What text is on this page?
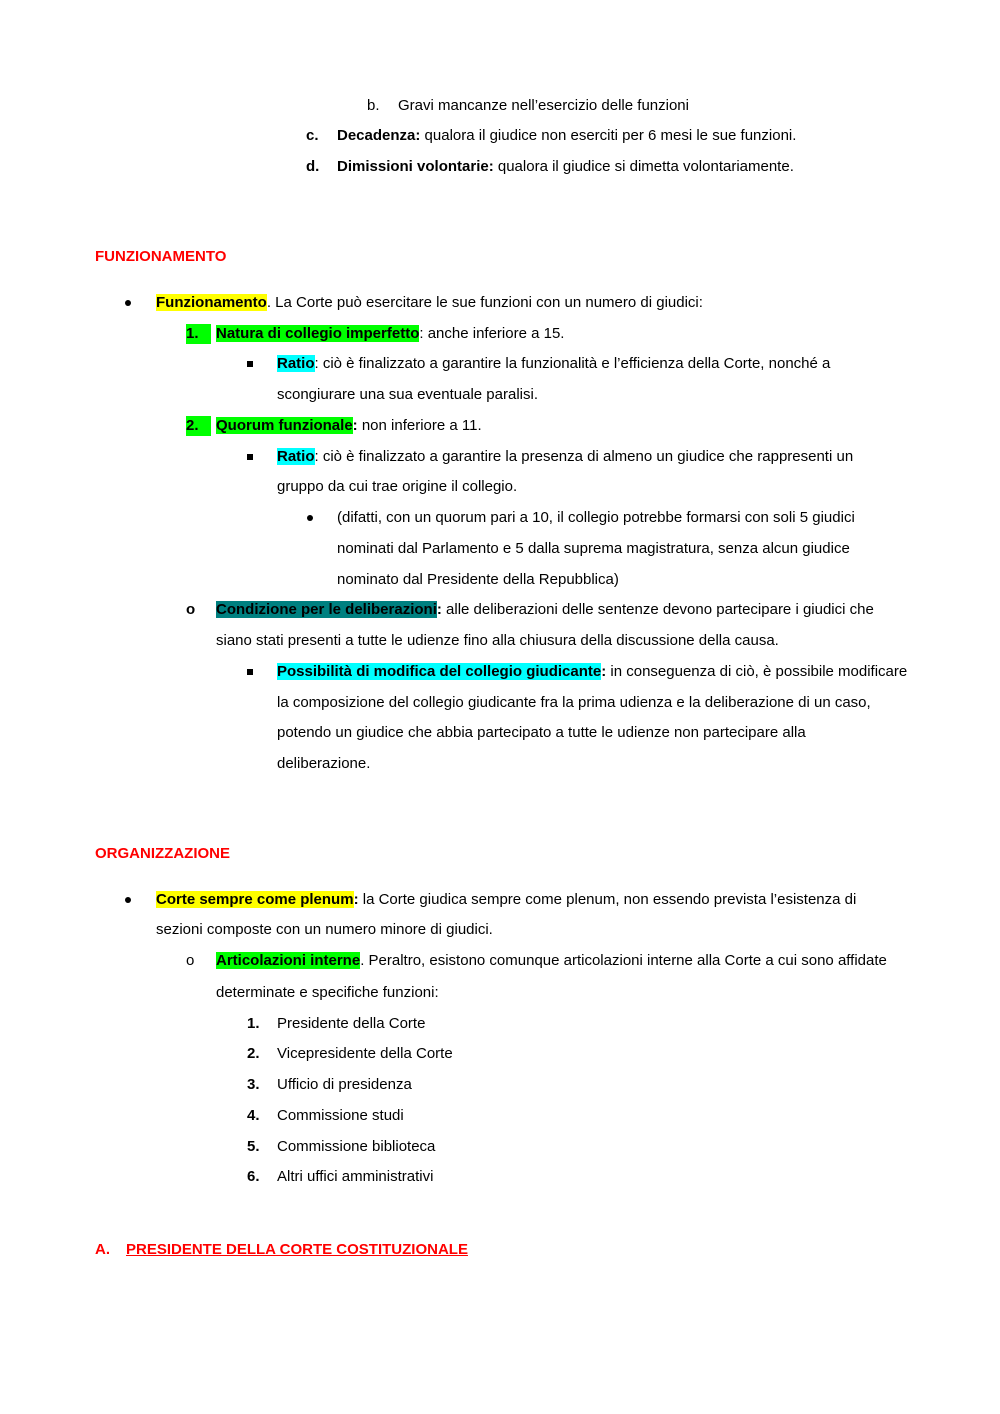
b. Gravi mancanze nell’esercizio delle funzioni
c. Decadenza: qualora il giudice non eserciti per 6 mesi le sue funzioni.
d. Dimissioni volontarie: qualora il giudice si dimetta volontariamente.
FUNZIONAMENTO
Funzionamento. La Corte può esercitare le sue funzioni con un numero di giudici:
1.	Natura di collegio imperfetto: anche inferiore a 15.
Ratio: ciò è finalizzato a garantire la funzionalità e l’efficienza della Corte, nonché a
scongiurare una sua eventuale paralisi.
2.	Quorum funzionale: non inferiore a 11.
Ratio: ciò è finalizzato a garantire la presenza di almeno un giudice che rappresenti un
gruppo da cui trae origine il collegio.
(difatti, con un quorum pari a 10, il collegio potrebbe formarsi con soli 5 giudici
nominati dal Parlamento e 5 dalla suprema magistratura, senza alcun giudice
nominato dal Presidente della Repubblica)
o Condizione per le deliberazioni: alle deliberazioni delle sentenze devono partecipare i giudici che
siano stati presenti a tutte le udienze fino alla chiusura della discussione della causa.
Possibilità di modifica del collegio giudicante: in conseguenza di ciò, è possibile modificare
la composizione del collegio giudicante fra la prima udienza e la deliberazione di un caso,
potendo un giudice che abbia partecipato a tutte le udienze non partecipare alla
deliberazione.
ORGANIZZAZIONE
Corte sempre come plenum: la Corte giudica sempre come plenum, non essendo prevista l’esistenza di
sezioni composte con un numero minore di giudici.
o Articolazioni interne. Peraltro, esistono comunque articolazioni interne alla Corte a cui sono affidate
determinate e specifiche funzioni:
1. Presidente della Corte
2. Vicepresidente della Corte
3. Ufficio di presidenza
4. Commissione studi
5. Commissione biblioteca
6. Altri uffici amministrativi
A. PRESIDENTE DELLA CORTE COSTITUZIONALE
